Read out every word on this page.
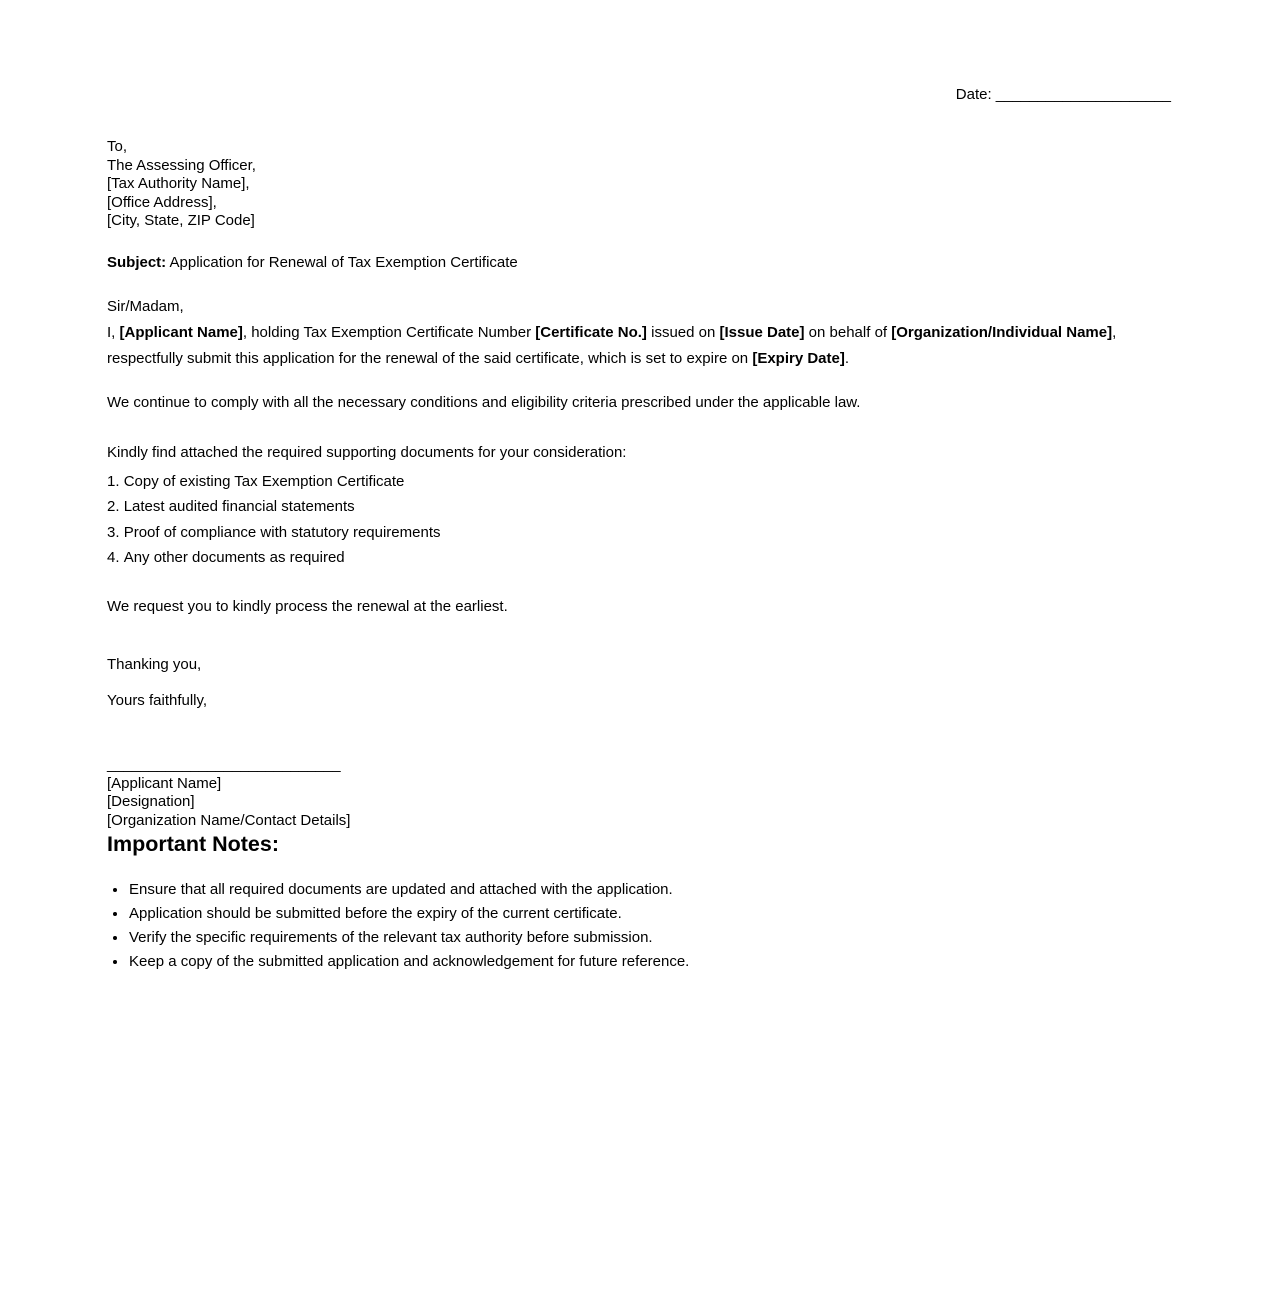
Date: _____________________
To,
The Assessing Officer,
[Tax Authority Name],
[Office Address],
[City, State, ZIP Code]

Subject: Application for Renewal of Tax Exemption Certificate

Sir/Madam,
I, [Applicant Name], holding Tax Exemption Certificate Number [Certificate No.] issued on [Issue Date] on behalf of [Organization/Individual Name], respectfully submit this application for the renewal of the said certificate, which is set to expire on [Expiry Date].

We continue to comply with all the necessary conditions and eligibility criteria prescribed under the applicable law.

Kindly find attached the required supporting documents for your consideration:

1. Copy of existing Tax Exemption Certificate
2. Latest audited financial statements
3. Proof of compliance with statutory requirements
4. Any other documents as required

We request you to kindly process the renewal at the earliest.

Thanking you,

Yours faithfully,

____________________________
[Applicant Name]
[Designation]
[Organization Name/Contact Details]
Important Notes:
• Ensure that all required documents are updated and attached with the application.
• Application should be submitted before the expiry of the current certificate.
• Verify the specific requirements of the relevant tax authority before submission.
• Keep a copy of the submitted application and acknowledgement for future reference.
